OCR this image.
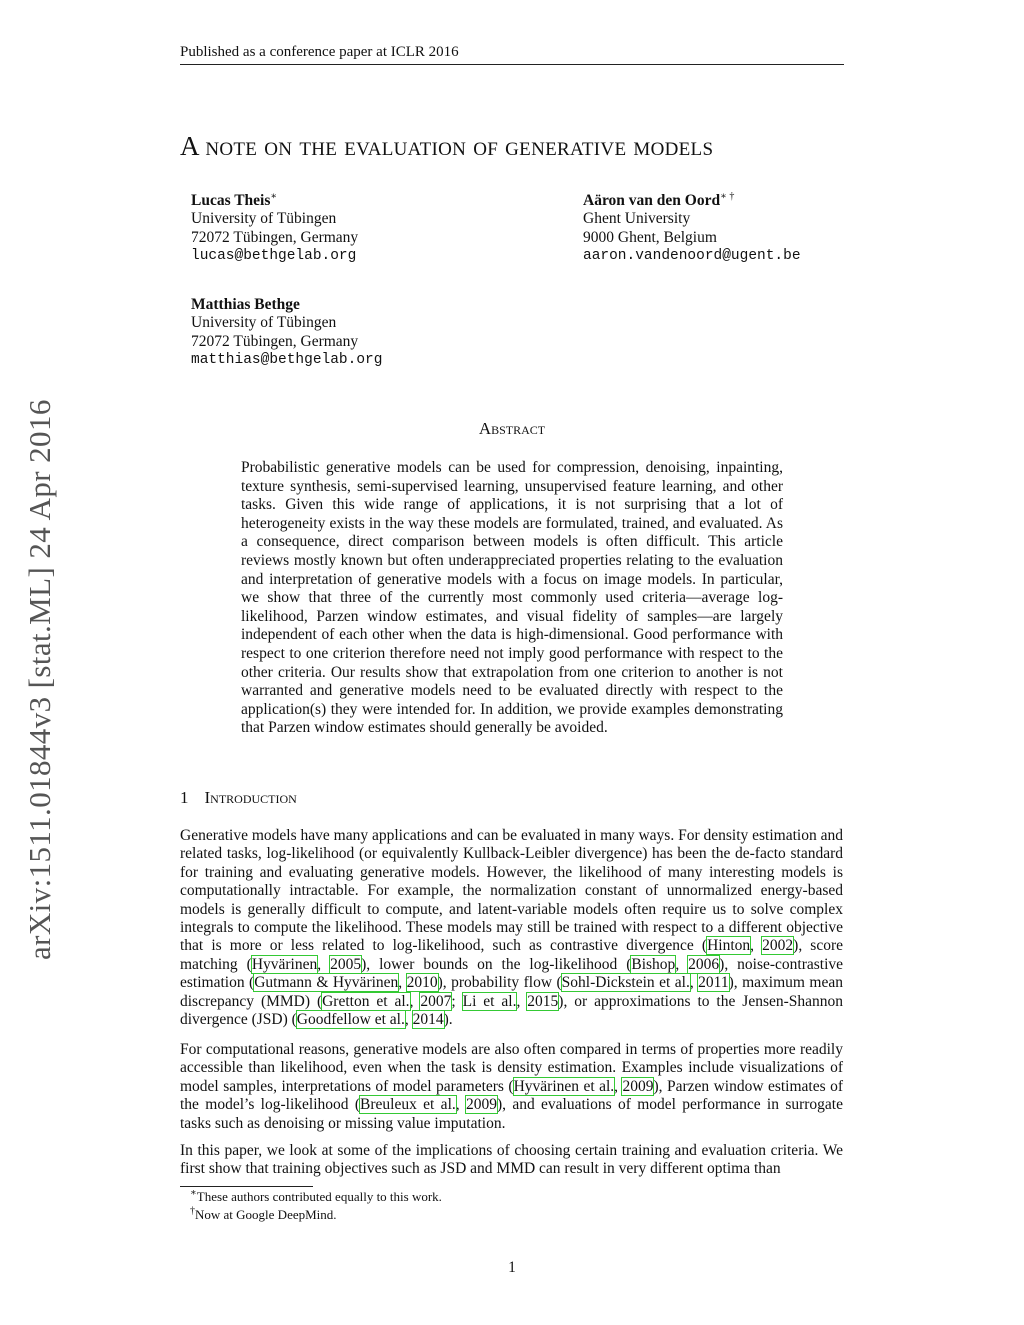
Published as a conference paper at ICLR 2016
arXiv:1511.01844v3 [stat.ML] 24 Apr 2016
A note on the evaluation of generative models
Lucas Theis∗
University of Tübingen
72072 Tübingen, Germany
lucas@bethgelab.org
Aäron van den Oord∗ †
Ghent University
9000 Ghent, Belgium
aaron.vandenoord@ugent.be
Matthias Bethge
University of Tübingen
72072 Tübingen, Germany
matthias@bethgelab.org
Abstract

Probabilistic generative models can be used for compression, denoising, inpainting, texture synthesis, semi-supervised learning, unsupervised feature learning, and other tasks. Given this wide range of applications, it is not surprising that a lot of heterogeneity exists in the way these models are formulated, trained, and evaluated. As a consequence, direct comparison between models is often difficult. This article reviews mostly known but often underappreciated properties relating to the evaluation and interpretation of generative models with a focus on image models. In particular, we show that three of the currently most commonly used criteria—average log-likelihood, Parzen window estimates, and visual fidelity of samples—are largely independent of each other when the data is high-dimensional. Good performance with respect to one criterion therefore need not imply good performance with respect to the other criteria. Our results show that extrapolation from one criterion to another is not warranted and generative models need to be evaluated directly with respect to the application(s) they were intended for. In addition, we provide examples demonstrating that Parzen window estimates should generally be avoided.

1 Introduction

Generative models have many applications and can be evaluated in many ways. For density estimation and related tasks, log-likelihood (or equivalently Kullback-Leibler divergence) has been the de-facto standard for training and evaluating generative models. However, the likelihood of many interesting models is computationally intractable. For example, the normalization constant of unnormalized energy-based models is generally difficult to compute, and latent-variable models often require us to solve complex integrals to compute the likelihood. These models may still be trained with respect to a different objective that is more or less related to log-likelihood, such as contrastive divergence (Hinton, 2002), score matching (Hyvärinen, 2005), lower bounds on the log-likelihood (Bishop, 2006), noise-contrastive estimation (Gutmann & Hyvärinen, 2010), probability flow (Sohl-Dickstein et al., 2011), maximum mean discrepancy (MMD) (Gretton et al., 2007; Li et al., 2015), or approximations to the Jensen-Shannon divergence (JSD) (Goodfellow et al., 2014).

For computational reasons, generative models are also often compared in terms of properties more readily accessible than likelihood, even when the task is density estimation. Examples include visualizations of model samples, interpretations of model parameters (Hyvärinen et al., 2009), Parzen window estimates of the model’s log-likelihood (Breuleux et al., 2009), and evaluations of model performance in surrogate tasks such as denoising or missing value imputation.

In this paper, we look at some of the implications of choosing certain training and evaluation criteria. We first show that training objectives such as JSD and MMD can result in very different optima than

∗These authors contributed equally to this work.
†Now at Google DeepMind.
1
